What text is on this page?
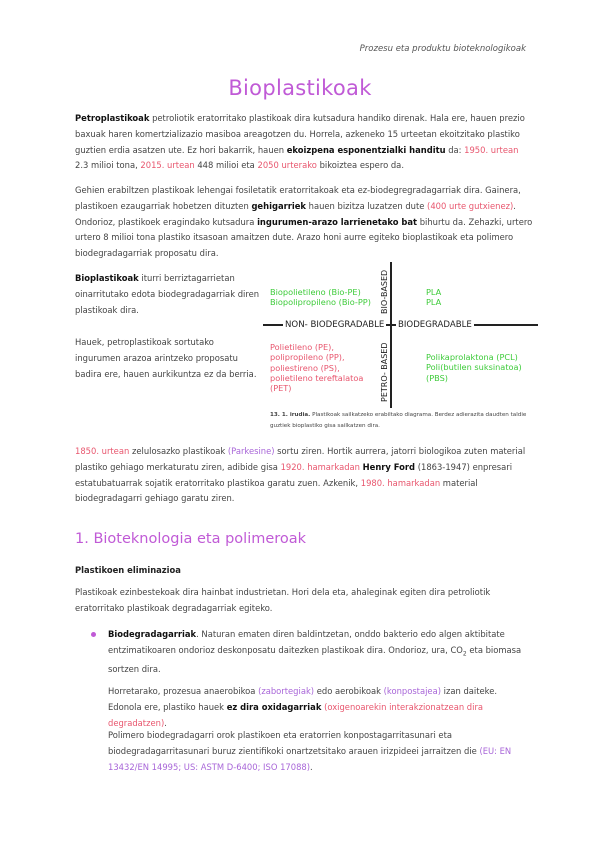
Prozesu eta produktu bioteknologikoak
Bioplastikoak
Petroplastikoak petroliotik eratorritako plastikoak dira kutsadura handiko direnak. Hala ere, hauen prezio baxuak haren komertzializazio masiboa areagotzen du. Horrela, azkeneko 15 urteetan ekoitzitako plastiko guztien erdia asatzen ute. Ez hori bakarrik, hauen ekoizpena esponentzialki handitu da: 1950. urtean 2.3 milioi tona, 2015. urtean 448 milioi eta 2050 urterako bikoiztea espero da.
Gehien erabiltzen plastikoak lehengai fosiletatik eratorritakoak eta ez-biodegregradagarriak dira. Gainera, plastikoen ezaugarriak hobetzen dituzten gehigarriek hauen bizitza luzatzen dute (400 urte gutxienez). Ondorioz, plastikoek eragindako kutsadura ingurumen-arazo larrienetako bat bihurtu da. Zehazki, urtero urtero 8 milioi tona plastiko itsasoan amaitzen dute. Arazo honi aurre egiteko bioplastikoak eta polimero biodegradagarriak proposatu dira.
Bioplastikoak iturri berriztagarrietan oinarritutako edota biodegradagarriak diren plastikoak dira.
Hauek, petroplastikoak sortutako ingurumen arazoa arintzeko proposatu badira ere, hauen aurkikuntza ez da berria.
Biopolietileno (Bio-PE)
Biopolipropileno (Bio-PP)
PLA
PLA
Polietileno (PE),
polipropileno (PP),
poliestireno (PS),
polietileno tereftalatoa
(PET)
Polikaprolaktona (PCL)
Poli(butilen suksinatoa)
(PBS)
NON- BIODEGRADABLE BIODEGRADABLE
BIO-BASED
PETRO- BASED
13. 1. irudia. Plastikoak sailkatzeko erabiltako diagrama. Berdez adierazita daudten taldie guztiek bioplastiko gisa sailkatzen dira.
1850. urtean zelulosazko plastikoak (Parkesine) sortu ziren. Hortik aurrera, jatorri biologikoa zuten material plastiko gehiago merkaturatu ziren, adibide gisa 1920. hamarkadan Henry Ford (1863-1947) enpresari estatubatuarrak sojatik eratorritako plastikoa garatu zuen. Azkenik, 1980. hamarkadan material biodegradagarri gehiago garatu ziren.
1. Bioteknologia eta polimeroak
Plastikoen eliminazioa
Plastikoak ezinbestekoak dira hainbat industrietan. Hori dela eta, ahaleginak egiten dira petroliotik eratorritako plastikoak degradagarriak egiteko.
Biodegradagarriak. Naturan ematen diren baldintzetan, onddo bakterio edo algen aktibitate entzimatikoaren ondorioz deskonposatu daitezken plastikoak dira. Ondorioz, ura, $CO_2$ eta biomasa sortzen dira.
Horretarako, prozesua anaerobikoa (zabortegiak) edo aerobikoak (konpostajea) izan daiteke. Edonola ere, plastiko hauek ez dira oxidagarriak (oxigenoarekin interakzionatzean dira degradatzen).
Polimero biodegradagarri orok plastikoen eta eratorrien konpostagarritasunari eta biodegradagarritasunari buruz zientifikoki onartzetsitako arauen irizpideei jarraitzen die (EU: EN 13432/EN 14995; US: ASTM D-6400; ISO 17088).
